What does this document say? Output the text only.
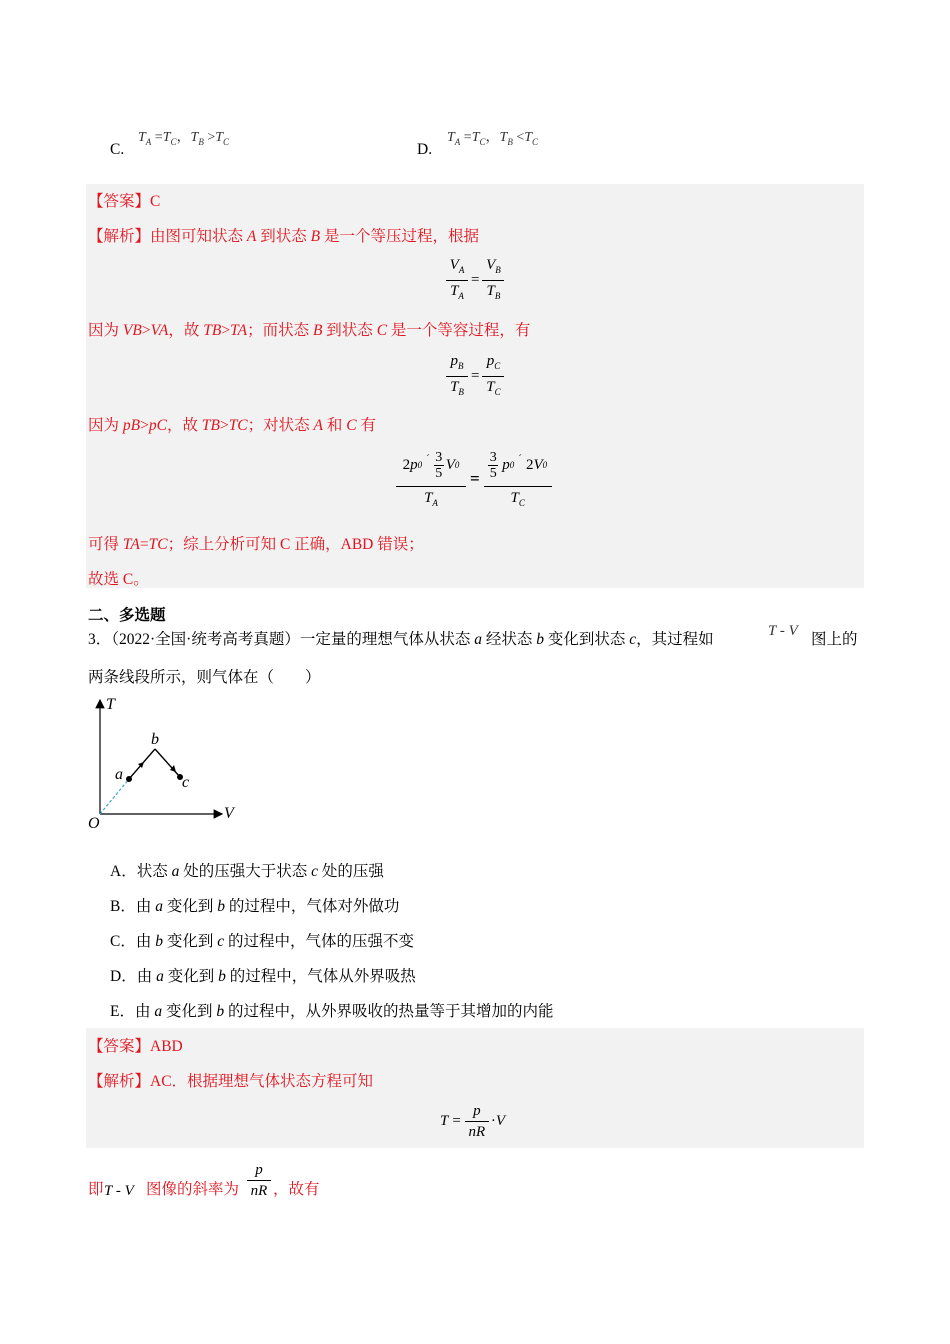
C.
$T_A =T_C$，$T_B >T_C$	D.
$T_A =T_C$，$T_B <T_C$
【答案】C
【解析】由图可知状态 A 到状态 B 是一个等压过程，根据
$V_A$
$T_A$
=
$V_B$
$T_B$
因为 VB>VA，故 TB>TA；而状态 B 到状态 C 是一个等容过程，有
$p_B$
$T_B$
=
$p_C$
$T_C$
因为 pB>pC，故 TB>TC；对状态 A 和 C 有
2 p 0 ´ 3
5
V 0
$T_A$
=
3
5
p 0 ´ 2 V 0
$T_C$
可得 TA=TC；综上分析可知 C 正确，ABD 错误；
故选 C。
二、多选题
3．（2022·全国·统考高考真题）一定量的理想气体从状态 a 经状态 b 变化到状态 c，其过程如	T - V 图上的
两条线段所示，则气体在（　　）
T
V
O
a
b
c
A．状态 a 处的压强大于状态 c 处的压强
B．由 a 变化到 b 的过程中，气体对外做功
C．由 b 变化到 c 的过程中，气体的压强不变
D．由 a 变化到 b 的过程中，气体从外界吸热
E．由 a 变化到 b 的过程中，从外界吸收的热量等于其增加的内能
【答案】ABD
【解析】AC．根据理想气体状态方程可知
T =
p
nR
· V
即 T - V 图像的斜率为
p
nR ，故有
